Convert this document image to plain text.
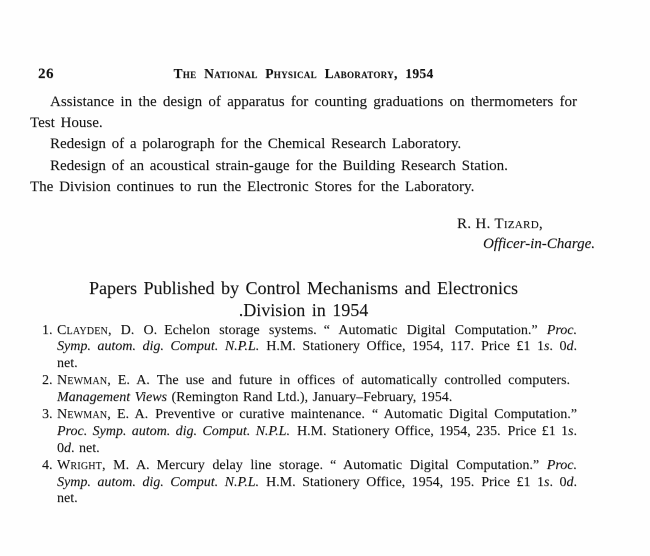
26	The National Physical Laboratory, 1954

Assistance in the design of apparatus for counting graduations on thermometers for Test House.

Redesign of a polarograph for the Chemical Research Laboratory.

Redesign of an acoustical strain-gauge for the Building Research Station.

The Division continues to run the Electronic Stores for the Laboratory.

R. H. Tizard,
Officer-in-Charge.
Papers Published by Control Mechanisms and Electronics
.Division in 1954
1. Clayden, D. O. Echelon storage systems. “ Automatic Digital Computation.” Proc. Symp. autom. dig. Comput. N.P.L. H.M. Stationery Office, 1954, 117. Price £1 1s. 0d. net.
2. Newman, E. A. The use and future in offices of automatically controlled computers. Management Views (Remington Rand Ltd.), January–February, 1954.
3. Newman, E. A. Preventive or curative maintenance. “ Automatic Digital Computation.” Proc. Symp. autom. dig. Comput. N.P.L. H.M. Stationery Office, 1954, 235. Price £1 1s. 0d. net.
4. Wright, M. A. Mercury delay line storage. “ Automatic Digital Computation.” Proc. Symp. autom. dig. Comput. N.P.L. H.M. Stationery Office, 1954, 195. Price £1 1s. 0d. net.
